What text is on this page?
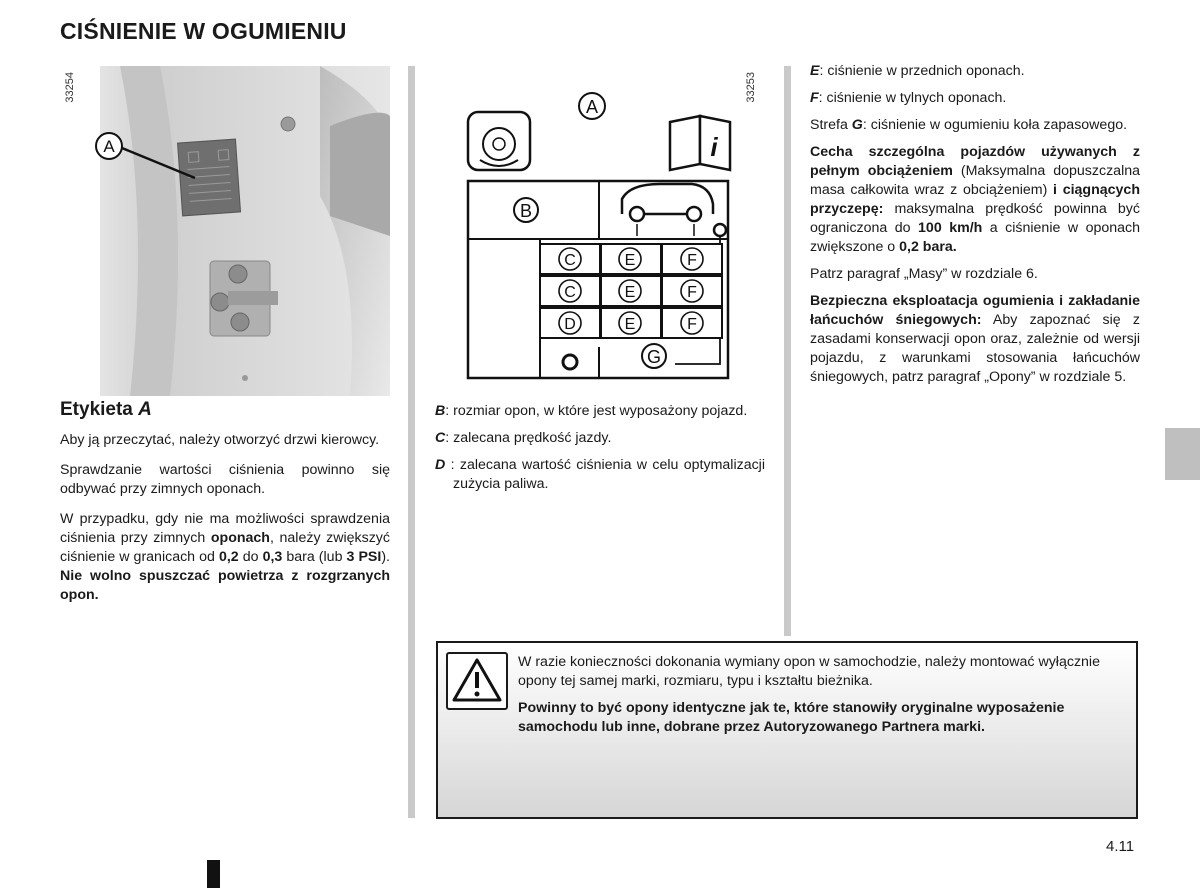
CIŚNIENIE W OGUMIENIU
A
33254	33253
A
i
B
C	E	F
C	E	F
D	E	F
G
Etykieta A

Aby ją przeczytać, należy otworzyć drzwi kierowcy.

Sprawdzanie wartości ciśnienia powinno się odbywać przy zimnych oponach.

W przypadku, gdy nie ma możliwości sprawdzenia ciśnienia przy zimnych oponach, należy zwiększyć ciśnienie w granicach od 0,2 do 0,3 bara (lub 3 PSI). Nie wolno spuszczać powietrza z rozgrzanych opon.

B: rozmiar opon, w które jest wyposażony pojazd.

C: zalecana prędkość jazdy.

D : zalecana wartość ciśnienia w celu optymalizacji zużycia paliwa.

E: ciśnienie w przednich oponach.

F: ciśnienie w tylnych oponach.

Strefa G: ciśnienie w ogumieniu koła zapasowego.

Cecha szczególna pojazdów używanych z pełnym obciążeniem (Maksymalna dopuszczalna masa całkowita wraz z obciążeniem) i ciągnących przyczepę: maksymalna prędkość powinna być ograniczona do 100 km/h a ciśnienie w oponach zwiększone o 0,2 bara.

Patrz paragraf „Masy” w rozdziale 6.

Bezpieczna eksploatacja ogumienia i zakładanie łańcuchów śniegowych: Aby zapoznać się z zasadami konserwacji opon oraz, zależnie od wersji pojazdu, z warunkami stosowania łańcuchów śniegowych, patrz paragraf „Opony” w rozdziale 5.

W razie konieczności dokonania wymiany opon w samochodzie, należy montować wyłącznie opony tej samej marki, rozmiaru, typu i kształtu bieżnika.

Powinny to być opony identyczne jak te, które stanowiły oryginalne wyposażenie samochodu lub inne, dobrane przez Autoryzowanego Partnera marki.

4.11
